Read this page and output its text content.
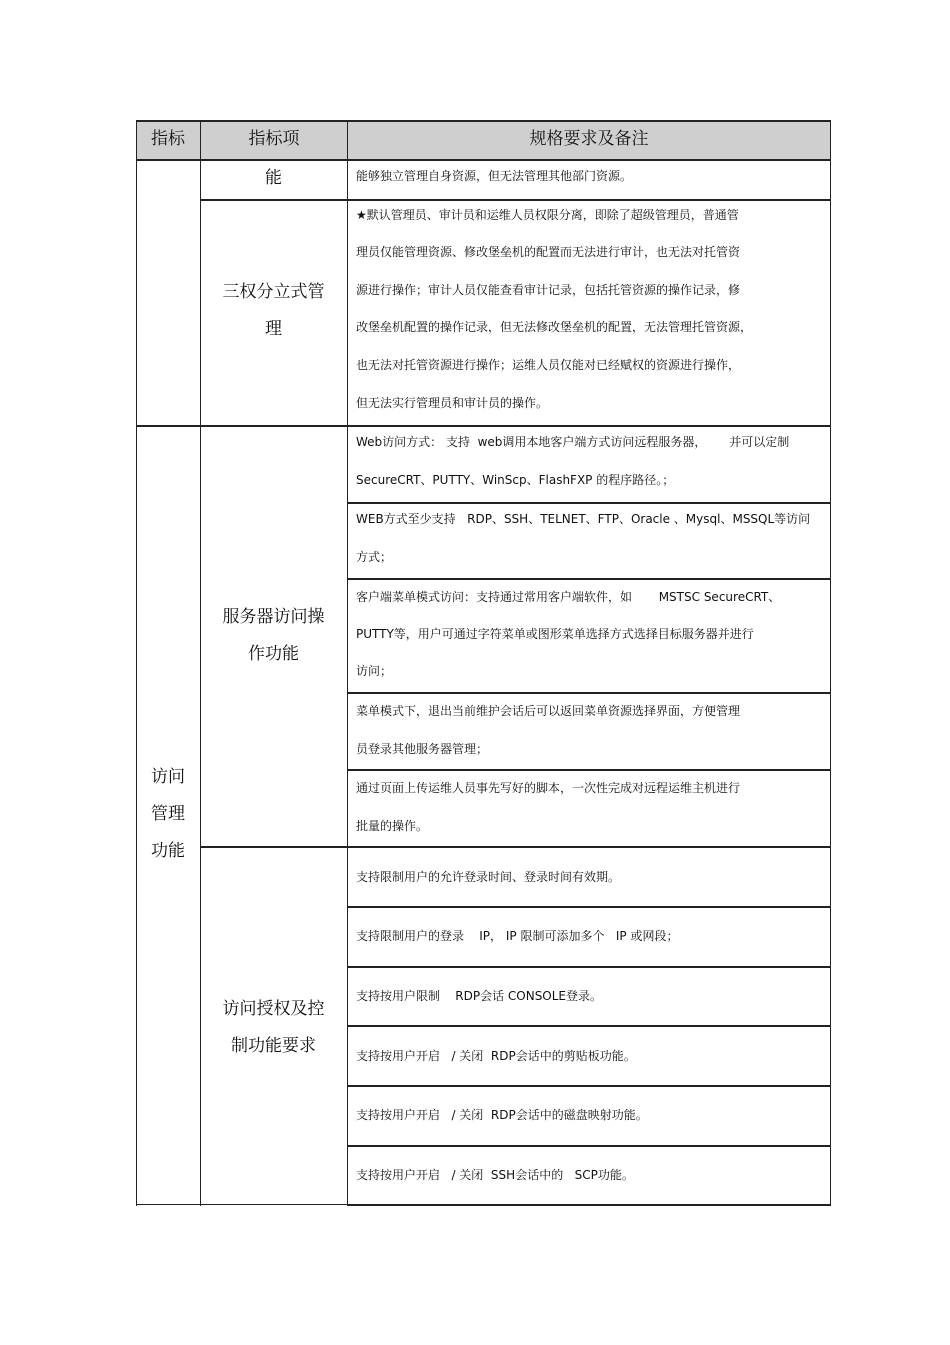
指标	指标项	规格要求及备注
访问
管理
功能
能
三权分立式管
理
服务器访问操
作功能
访问授权及控
制功能要求
能够独立管理自身资源，但无法管理其他部门资源。
★默认管理员、审计员和运维人员权限分离，即除了超级管理员，普通管
理员仅能管理资源、修改堡垒机的配置而无法进行审计，也无法对托管资
源进行操作；审计人员仅能查看审计记录，包括托管资源的操作记录，修
改堡垒机配置的操作记录，但无法修改堡垒机的配置，无法管理托管资源，
也无法对托管资源进行操作；运维人员仅能对已经赋权的资源进行操作，
但无法实行管理员和审计员的操作。
Web访问方式： 支持  web调用本地客户端方式访问远程服务器，      并可以定制
SecureCRT、PUTTY、WinScp、FlashFXP 的程序路径。；
WEB方式至少支持   RDP、SSH、TELNET、FTP、Oracle 、Mysql、MSSQL等访问
方式；
客户端菜单模式访问：支持通过常用客户端软件，如       MSTSC SecureCRT、
PUTTY等，用户可通过字符菜单或图形菜单选择方式选择目标服务器并进行
访问；
菜单模式下，退出当前维护会话后可以返回菜单资源选择界面，方便管理
员登录其他服务器管理；
通过页面上传运维人员事先写好的脚本，一次性完成对远程运维主机进行
批量的操作。
支持限制用户的允许登录时间、登录时间有效期。
支持限制用户的登录    IP， IP 限制可添加多个   IP 或网段；
支持按用户限制    RDP会话 CONSOLE登录。
支持按用户开启   / 关闭  RDP会话中的剪贴板功能。
支持按用户开启   / 关闭  RDP会话中的磁盘映射功能。
支持按用户开启   / 关闭  SSH会话中的   SCP功能。
